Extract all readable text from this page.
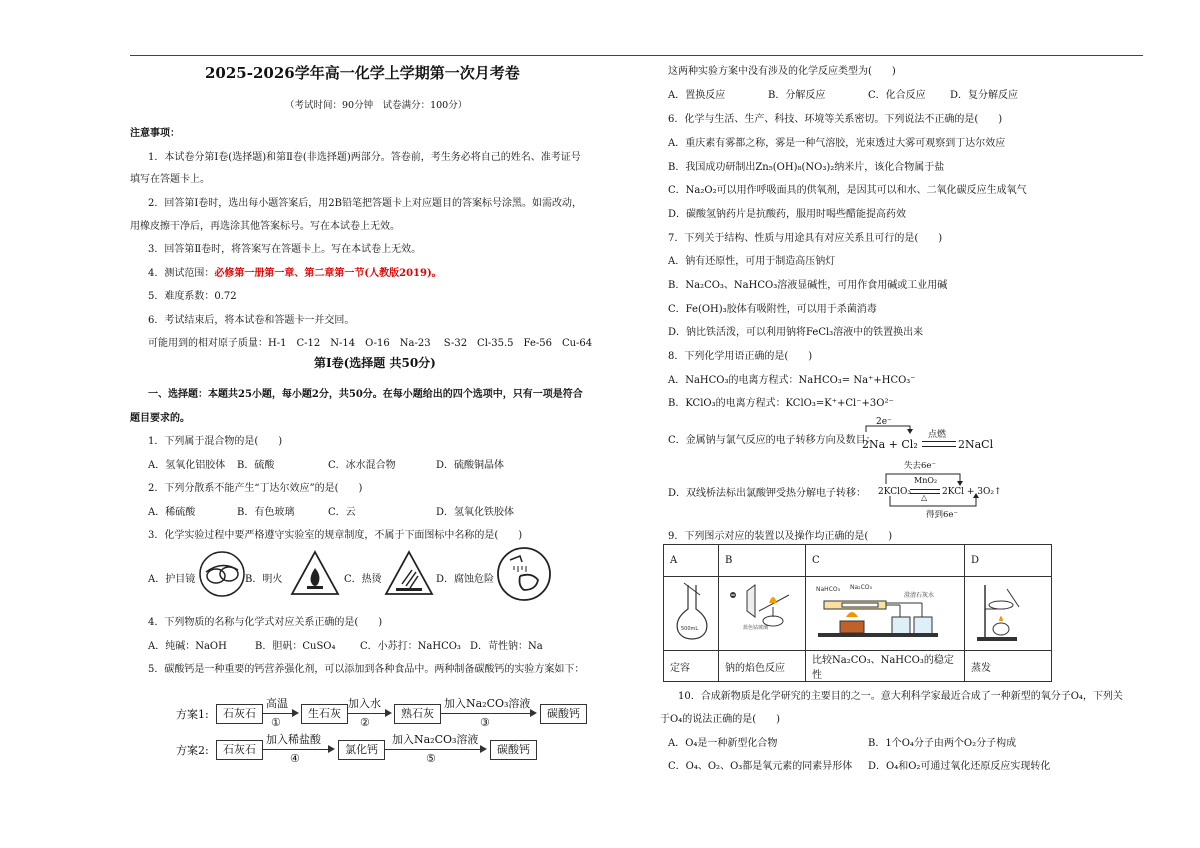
2025-2026学年高一化学上学期第一次月考卷
（考试时间：90分钟　试卷满分：100分）
注意事项：
1．本试卷分第Ⅰ卷(选择题)和第Ⅱ卷(非选择题)两部分。答卷前，考生务必将自己的姓名、准考证号
填写在答题卡上。
2．回答第Ⅰ卷时，选出每小题答案后，用2B铅笔把答题卡上对应题目的答案标号涂黑。如需改动，
用橡皮擦干净后，再选涂其他答案标号。写在本试卷上无效。
3．回答第Ⅱ卷时，将答案写在答题卡上。写在本试卷上无效。
4．测试范围：必修第一册第一章、第二章第一节(人教版2019)。
5．难度系数：0.72
6．考试结束后，将本试卷和答题卡一并交回。
可能用到的相对原子质量：H-1　C-12　N-14　O-16　Na-23　 S-32　Cl-35.5　Fe-56　Cu-64
第Ⅰ卷(选择题 共50分)
一、选择题：本题共25小题，每小题2分，共50分。在每小题给出的四个选项中，只有一项是符合
题目要求的。
1．下列属于混合物的是(　　)
A．氢氧化铝胶体 B．硫酸	C．冰水混合物	D．硫酸铜晶体
2．下列分散系不能产生“丁达尔效应”的是(　　)
A．稀硫酸	B．有色玻璃	C．云	D．氢氧化铁胶体
3．化学实验过程中要严格遵守实验室的规章制度，不属于下面图标中名称的是(　　)
A．护目镜	B．明火	C．热烫	D．腐蚀危险
4．下列物质的名称与化学式对应关系正确的是(　　)
A．纯碱：NaOH	B．胆矾：CuSO₄ C．小苏打：NaHCO₃ D．苛性钠：Na
5．碳酸钙是一种重要的钙营养强化剂，可以添加到各种食品中。两种制备碳酸钙的实验方案如下：
方案1:	石灰石
高温
①
生石灰
加入水
②
熟石灰
加入Na₂CO₃溶液
③
碳酸钙
方案2:	石灰石
加入稀盐酸
④
氯化钙
加入Na₂CO₃溶液
⑤
碳酸钙
这两种实验方案中没有涉及的化学反应类型为(　　)
A．置换反应	B．分解反应	C．化合反应 D．复分解反应
6．化学与生活、生产、科技、环境等关系密切。下列说法不正确的是(　　)
A．重庆素有雾都之称，雾是一种气溶胶，光束透过大雾可观察到丁达尔效应
B．我国成功研制出Zn₅(OH)₈(NO₃)₂纳米片，该化合物属于盐
C．Na₂O₂可以用作呼吸面具的供氧剂，是因其可以和水、二氧化碳反应生成氧气
D．碳酸氢钠药片是抗酸药，服用时喝些醋能提高药效
7．下列关于结构、性质与用途具有对应关系且可行的是(　　)
A．钠有还原性，可用于制造高压钠灯
B．Na₂CO₃、NaHCO₃溶液显碱性，可用作食用碱或工业用碱
C．Fe(OH)₃胶体有吸附性，可以用于杀菌消毒
D．钠比铁活泼，可以利用钠将FeCl₃溶液中的铁置换出来
8．下列化学用语正确的是(　　)
A．NaHCO₃的电离方程式：NaHCO₃= Na⁺+HCO₃⁻
B．KClO₃的电离方程式：KClO₃=K⁺+Cl⁻+3O²⁻
C．金属钠与氯气反应的电子转移方向及数目：
2e⁻
2Na + Cl₂
点燃
2NaCl
D．双线桥法标出氯酸钾受热分解电子转移：
失去6e⁻
MnO₂
2KClO₃
△
2KCl + 3O₂↑
得到6e⁻
9．下列图示对应的装置以及操作均正确的是(　　)
A	B	C	D

500mL	蓝色钴玻璃	NaHCO₃ Na₂CO₃
澄清石灰水

定容	钠的焰色反应	比较Na₂CO₃、NaHCO₃的稳定性	蒸发
10．合成新物质是化学研究的主要目的之一。意大利科学家最近合成了一种新型的氧分子O₄，下列关
于O₄的说法正确的是(　　)
A．O₄是一种新型化合物	B．1个O₄分子由两个O₂分子构成
C．O₄、O₂、O₃都是氧元素的同素异形体 D．O₄和O₂可通过氧化还原反应实现转化
